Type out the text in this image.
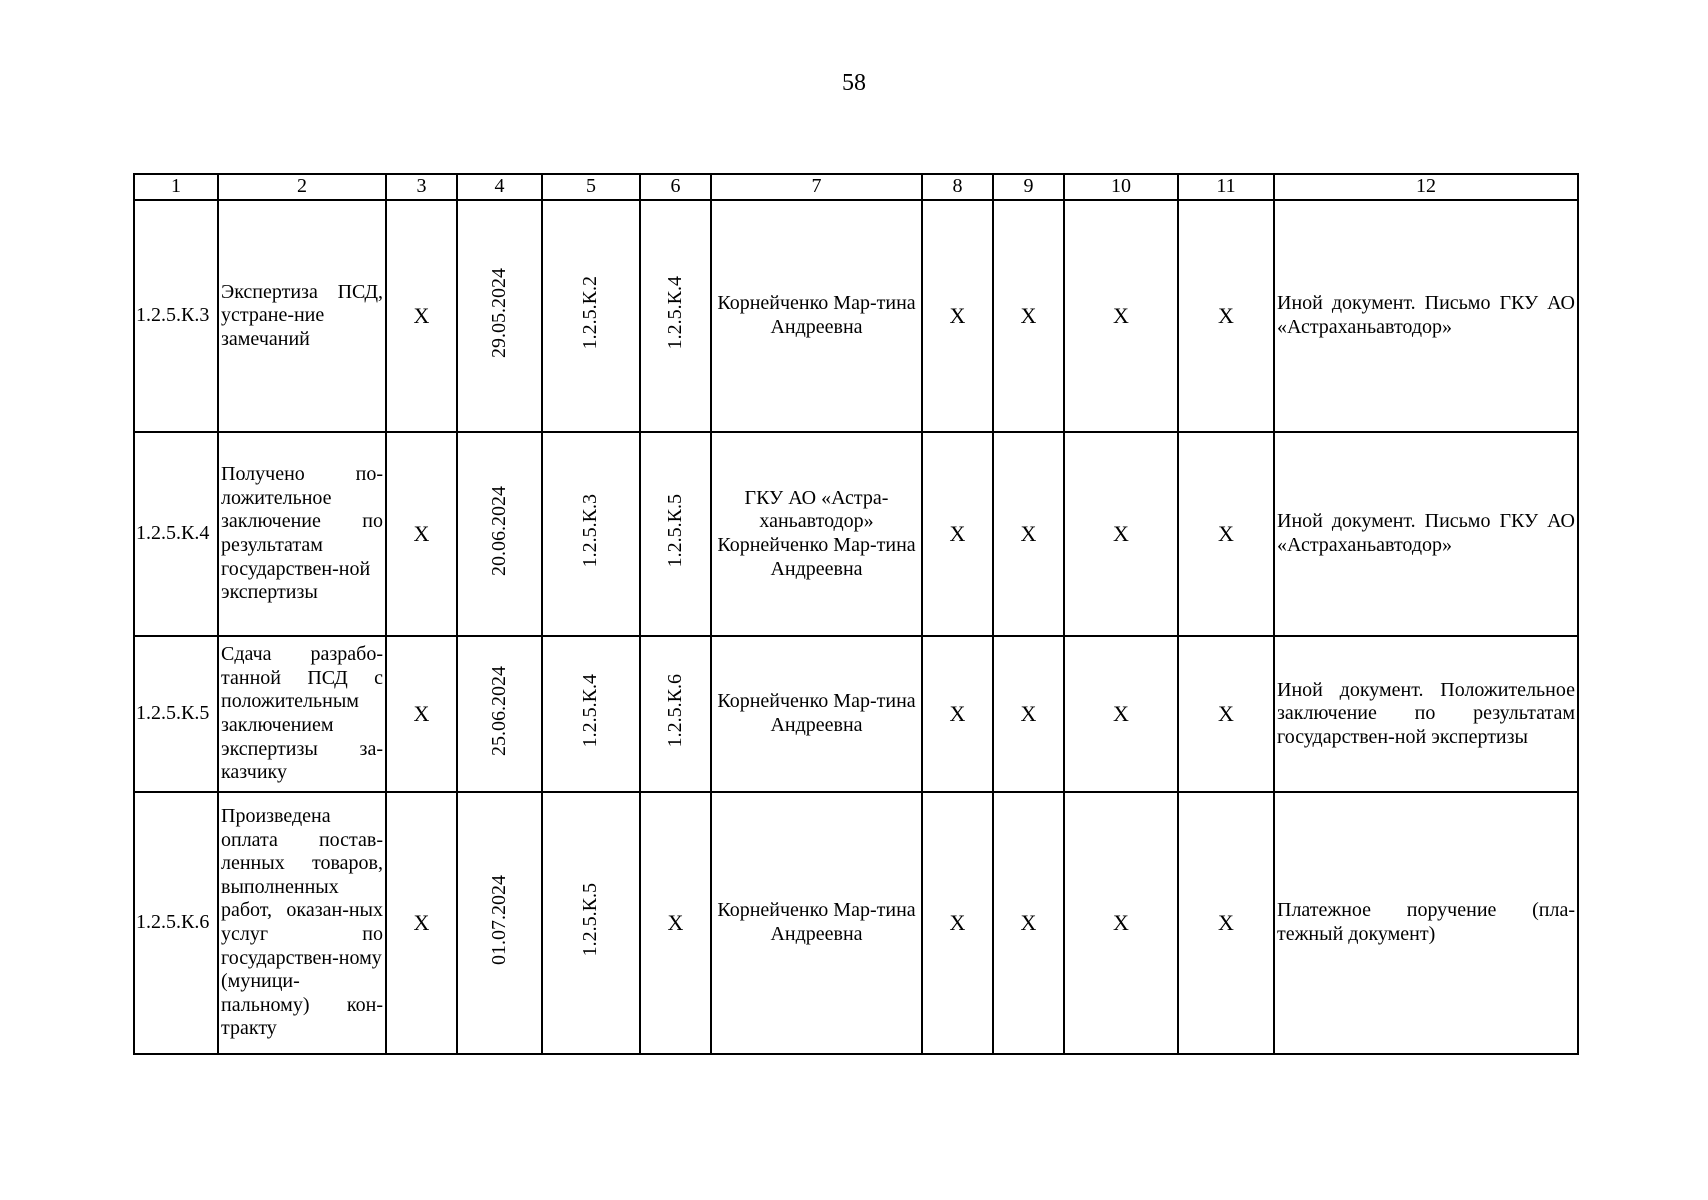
58
1	2	3	4	5	6	7	8	9	10	11	12
1.2.5.К.3	Экспертиза ПСД, устране-ние замечаний	X	29.05.2024	1.2.5.К.2	1.2.5.К.4	Корнейченко Мар-тина Андреевна	X	X	X	X	Иной документ. Письмо ГКУ АО «Астраханьавтодор»
1.2.5.К.4	Получено по-ложительное заключение по результатам государствен-ной экспертизы	X	20.06.2024	1.2.5.К.3	1.2.5.К.5	ГКУ АО «Астра-ханьавтодор» Корнейченко Мар-тина Андреевна	X	X	X	X	Иной документ. Письмо ГКУ АО «Астраханьавтодор»
1.2.5.К.5	Сдача разрабо-танной ПСД с положительным заключением экспертизы за-казчику	X	25.06.2024	1.2.5.К.4	1.2.5.К.6	Корнейченко Мар-тина Андреевна	X	X	X	X	Иной документ. Положительное заключение по результатам государствен-ной экспертизы
1.2.5.К.6	Произведена оплата постав-ленных товаров, выполненных работ, оказан-ных услуг по государствен-ному (муници-пальному) кон-тракту	X	01.07.2024	1.2.5.К.5	X	Корнейченко Мар-тина Андреевна	X	X	X	X	Платежное поручение (пла-тежный документ)
